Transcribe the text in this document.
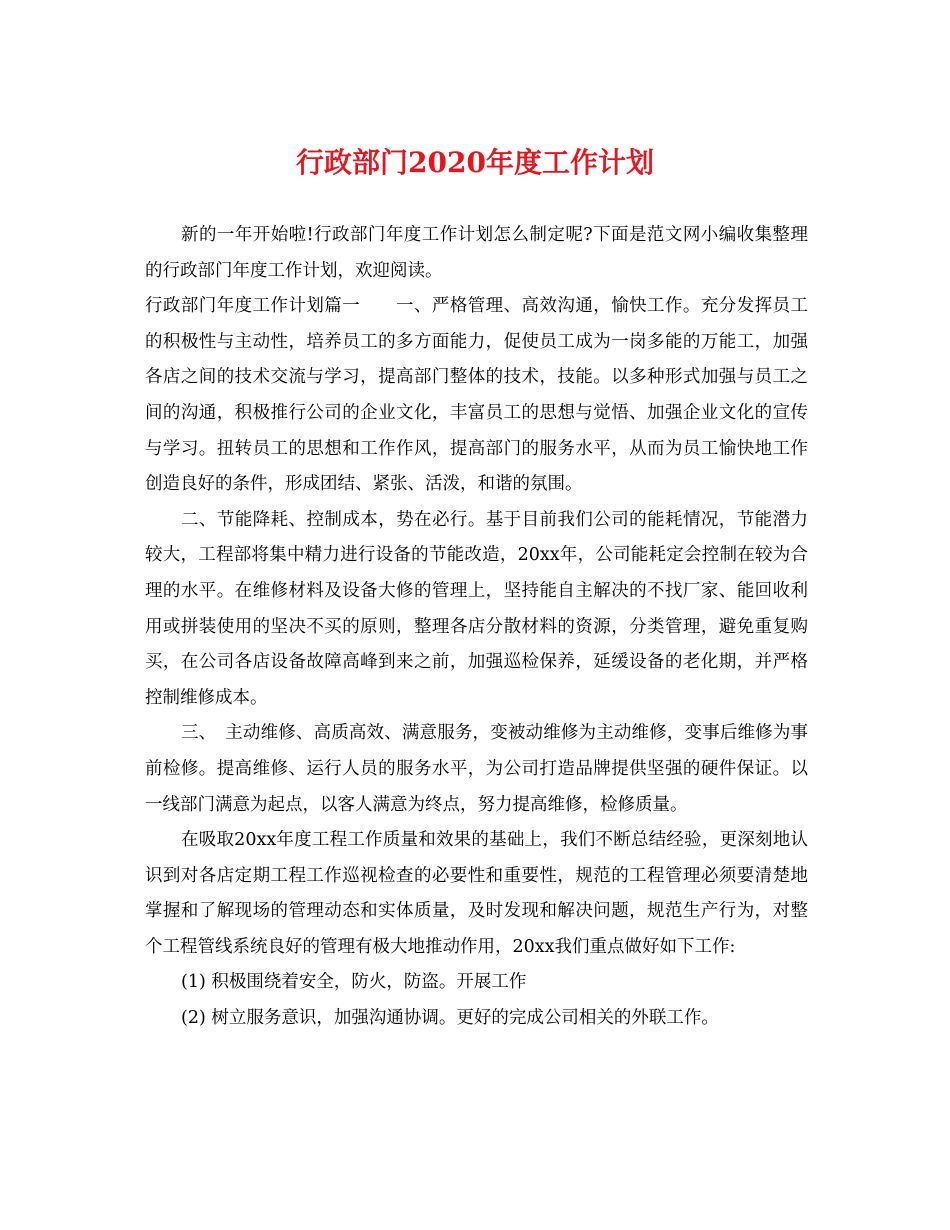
行政部门2020年度工作计划

新的一年开始啦!行政部门年度工作计划怎么制定呢?下面是范文网小编收集整理的行政部门年度工作计划，欢迎阅读。

行政部门年度工作计划篇一　　一、严格管理、高效沟通，愉快工作。充分发挥员工的积极性与主动性，培养员工的多方面能力，促使员工成为一岗多能的万能工，加强各店之间的技术交流与学习，提高部门整体的技术，技能。以多种形式加强与员工之间的沟通，积极推行公司的企业文化，丰富员工的思想与觉悟、加强企业文化的宣传与学习。扭转员工的思想和工作作风，提高部门的服务水平，从而为员工愉快地工作创造良好的条件，形成团结、紧张、活泼，和谐的氛围。

二、节能降耗、控制成本，势在必行。基于目前我们公司的能耗情况，节能潜力较大，工程部将集中精力进行设备的节能改造，20xx年，公司能耗定会控制在较为合理的水平。在维修材料及设备大修的管理上，坚持能自主解决的不找厂家、能回收利用或拼装使用的坚决不买的原则，整理各店分散材料的资源，分类管理，避免重复购买，在公司各店设备故障高峰到来之前，加强巡检保养，延缓设备的老化期，并严格控制维修成本。

三、　主动维修、高质高效、满意服务，变被动维修为主动维修，变事后维修为事前检修。提高维修、运行人员的服务水平，为公司打造品牌提供坚强的硬件保证。以一线部门满意为起点，以客人满意为终点，努力提高维修，检修质量。

在吸取20xx年度工程工作质量和效果的基础上，我们不断总结经验，更深刻地认识到对各店定期工程工作巡视检查的必要性和重要性，规范的工程管理必须要清楚地掌握和了解现场的管理动态和实体质量，及时发现和解决问题，规范生产行为，对整个工程管线系统良好的管理有极大地推动作用，20xx我们重点做好如下工作:

(1) 积极围绕着安全，防火，防盗。开展工作

(2) 树立服务意识，加强沟通协调。更好的完成公司相关的外联工作。
